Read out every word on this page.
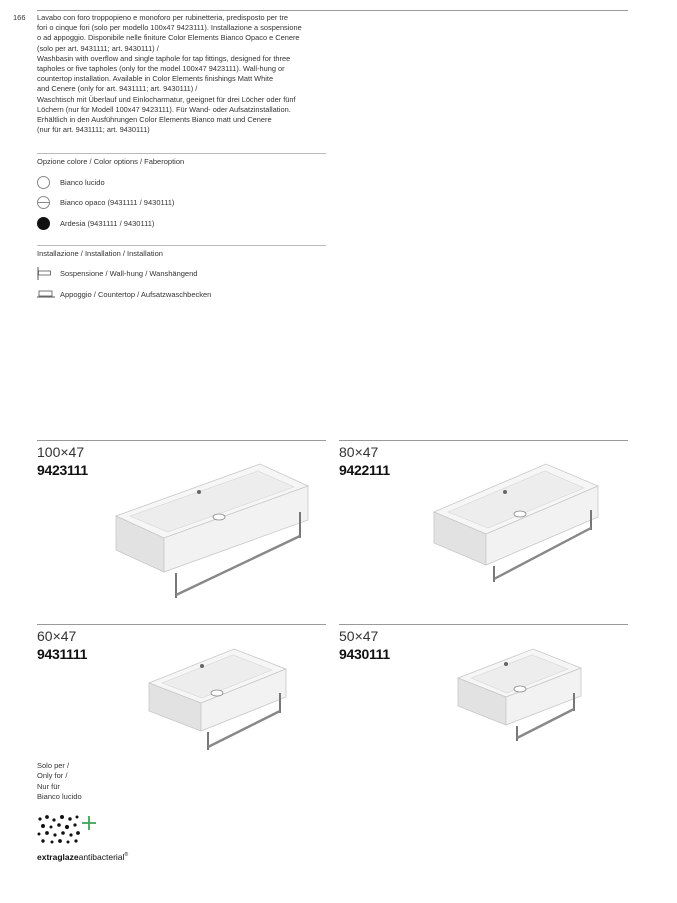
166 Lavabo con foro troppopieno e monoforo per rubinetteria, predisposto per tre
fori o cinque fori (solo per modello 100x47 9423111). Installazione a sospensione
o ad appoggio. Disponibile nelle finiture Color Elements Bianco Opaco e Cenere
(solo per art. 9431111; art. 9430111) /
Washbasin with overflow and single taphole for tap fittings, designed for three
tapholes or five tapholes (only for the model 100x47 9423111). Wall-hung or
countertop installation. Available in Color Elements finishings Matt White
and Cenere (only for art. 9431111; art. 9430111) /
Waschtisch mit Überlauf und Einlocharmatur, geeignet für drei Löcher oder fünf
Löchern (nur für Modell 100x47 9423111). Für Wand- oder Aufsatzinstallation.
Erhältlich in den Ausführungen Color Elements Bianco matt und Cenere
(nur für art. 9431111; art. 9430111)
Opzione colore / Color options / Faberoption
Bianco lucido
Bianco opaco (9431111 / 9430111)
Ardesia (9431111 / 9430111)
Installazione / Installation / Installation
Sospensione / Wall-hung / Wanshängend
Appoggio / Countertop / Aufsatzwaschbecken
100×47
9423111
80×47
9422111
60×47
9431111
50×47
9430111
Solo per /
Only for /
Nur für
Bianco lucido
extraglazeantibacterial®
